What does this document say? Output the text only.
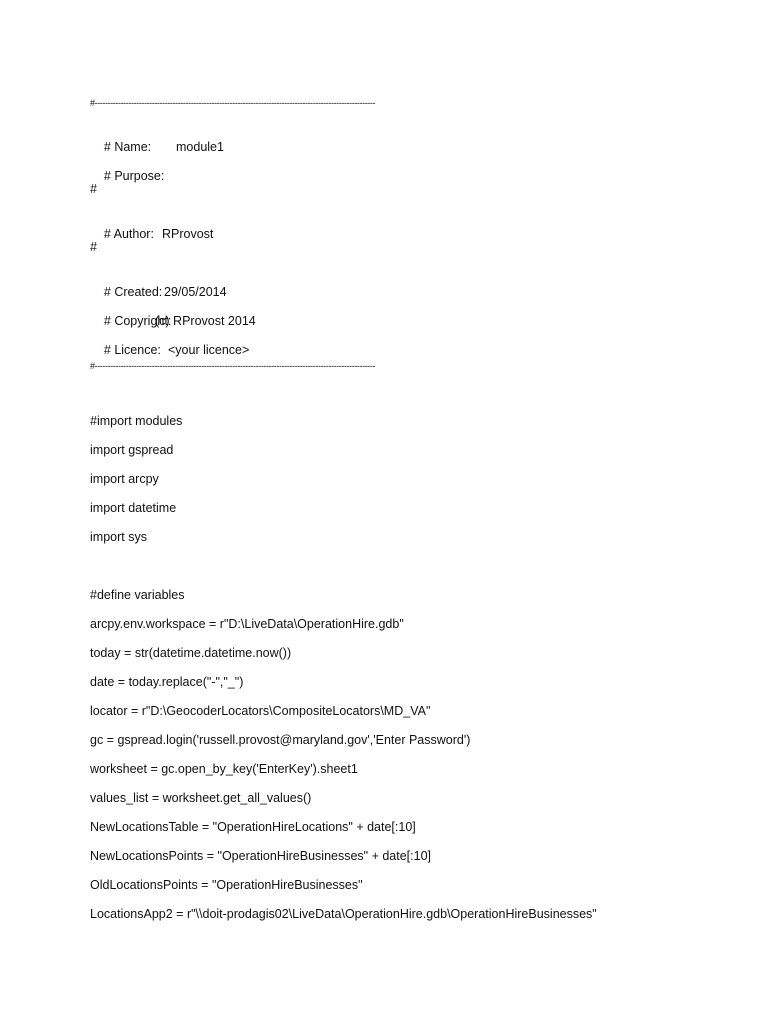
#------------------------------------------------------------------------------------------------------------

# Name: module1

# Purpose:

#

# Author: RProvost

#

# Created: 29/05/2014

# Copyright:
(c) RProvost 2014

# Licence: <your licence>

#------------------------------------------------------------------------------------------------------------
#import modules
import gspread
import arcpy
import datetime
import sys
#define variables
arcpy.env.workspace = r"D:\LiveData\OperationHire.gdb"
today = str(datetime.datetime.now())
date = today.replace("-","_")
locator = r"D:\GeocoderLocators\CompositeLocators\MD_VA"
gc = gspread.login('russell.provost@maryland.gov','Enter Password')
worksheet = gc.open_by_key('EnterKey').sheet1
values_list = worksheet.get_all_values()
NewLocationsTable = "OperationHireLocations" + date[:10]
NewLocationsPoints = "OperationHireBusinesses" + date[:10]
OldLocationsPoints = "OperationHireBusinesses"
LocationsApp2 = r"\\doit-prodagis02\LiveData\OperationHire.gdb\OperationHireBusinesses"
